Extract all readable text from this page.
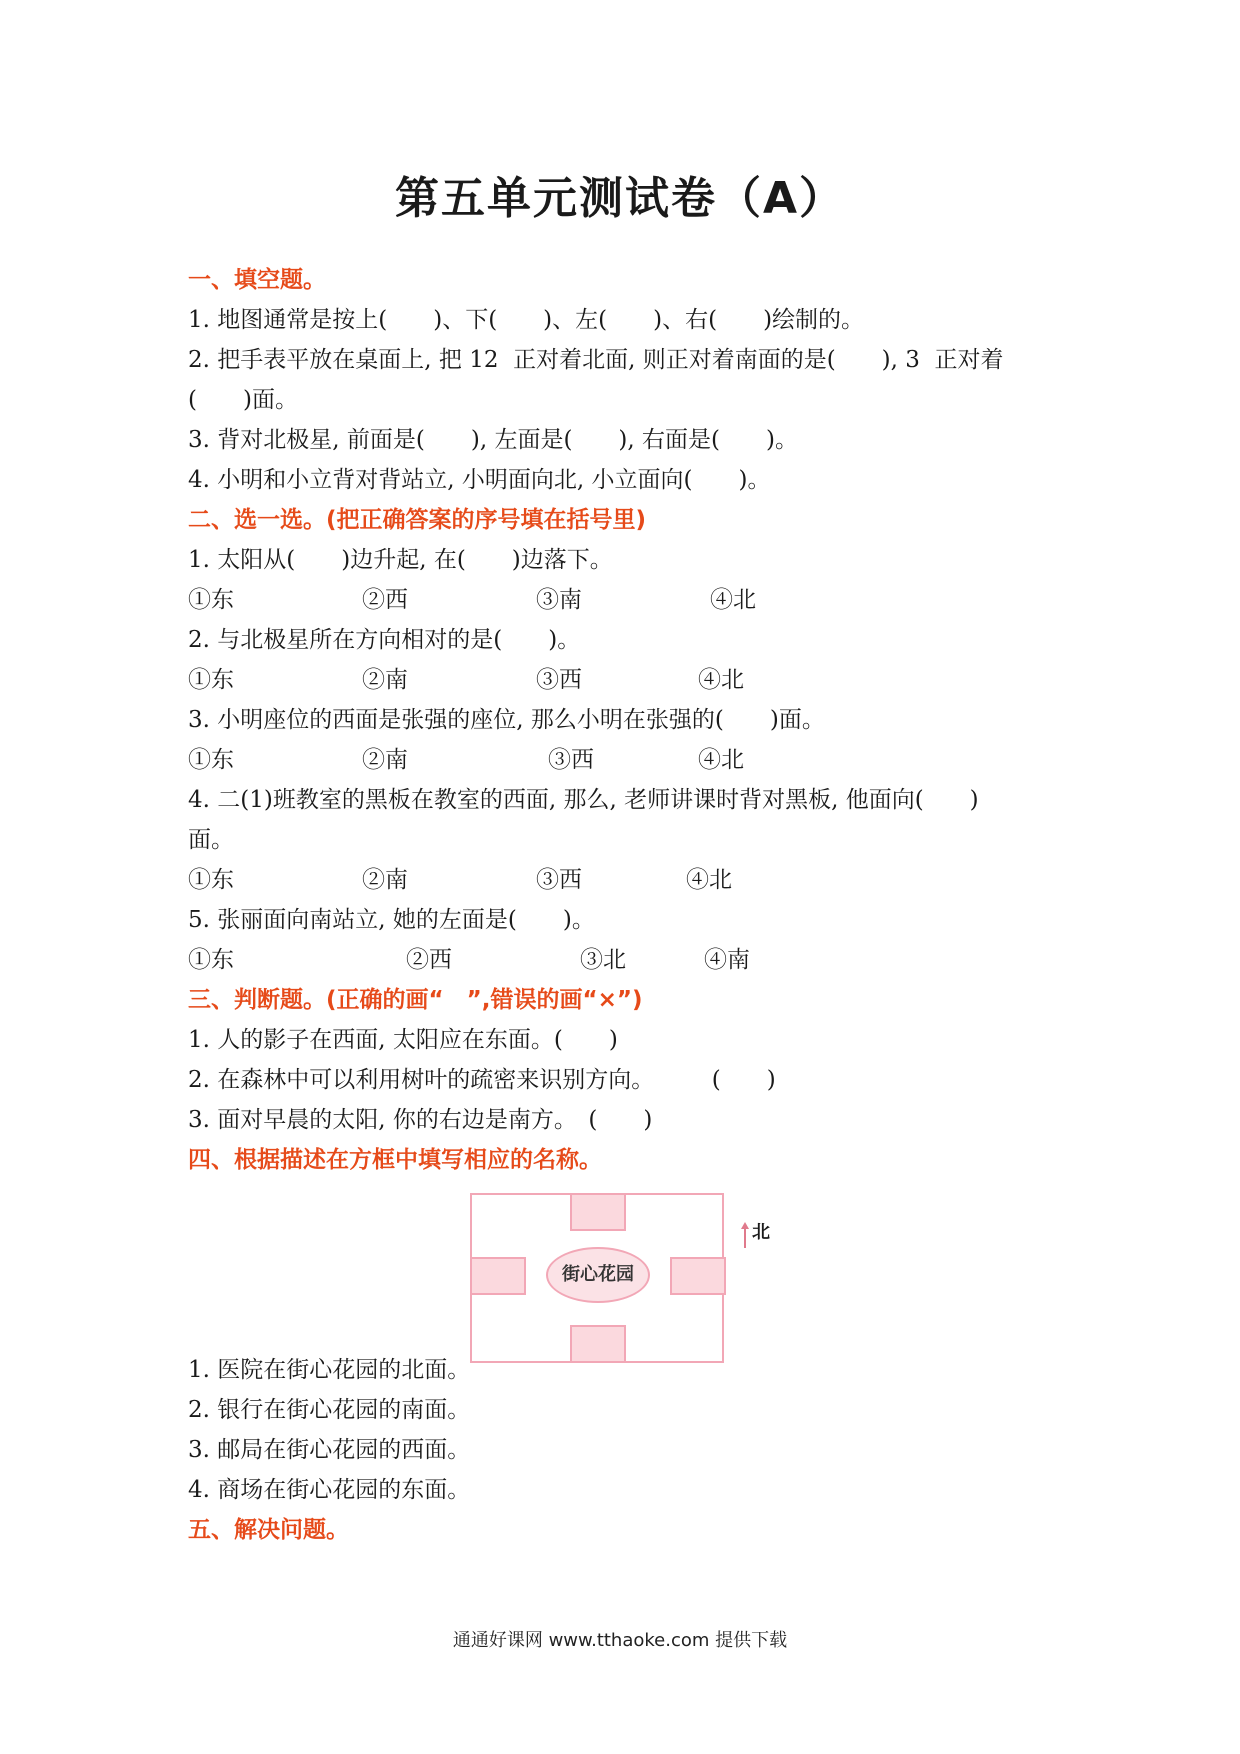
第五单元测试卷（A）
一、填空题。
1. 地图通常是按上(　　)、下(　　)、左(　　)、右(　　)绘制的。
2. 把手表平放在桌面上, 把 12  正对着北面, 则正对着南面的是(　　), 3  正对着
(　　)面。
3. 背对北极星, 前面是(　　), 左面是(　　), 右面是(　　)。
4. 小明和小立背对背站立, 小明面向北, 小立面向(　　)。
二、选一选。(把正确答案的序号填在括号里)
1. 太阳从(　　)边升起, 在(　　)边落下。
①东	②西	③南	④北
2. 与北极星所在方向相对的是(　　)。
①东	②南	③西	④北
3. 小明座位的西面是张强的座位, 那么小明在张强的(　　)面。
①东	②南	③西	④北
4. 二(1)班教室的黑板在教室的西面, 那么, 老师讲课时背对黑板, 他面向(　　)
面。
①东	②南	③西	④北
5. 张丽面向南站立, 她的左面是(　　)。
①东	②西	③北	④南
三、判断题。(正确的画“　”,错误的画“×”)
1. 人的影子在西面, 太阳应在东面。(　　)
2. 在森林中可以利用树叶的疏密来识别方向。　　　(　　)
3. 面对早晨的太阳, 你的右边是南方。　(　　)
四、根据描述在方框中填写相应的名称。
1. 医院在街心花园的北面。
2. 银行在街心花园的南面。
3. 邮局在街心花园的西面。
4. 商场在街心花园的东面。
五、解决问题。
街心花园
北
通通好课网 www.tthaoke.com 提供下载
